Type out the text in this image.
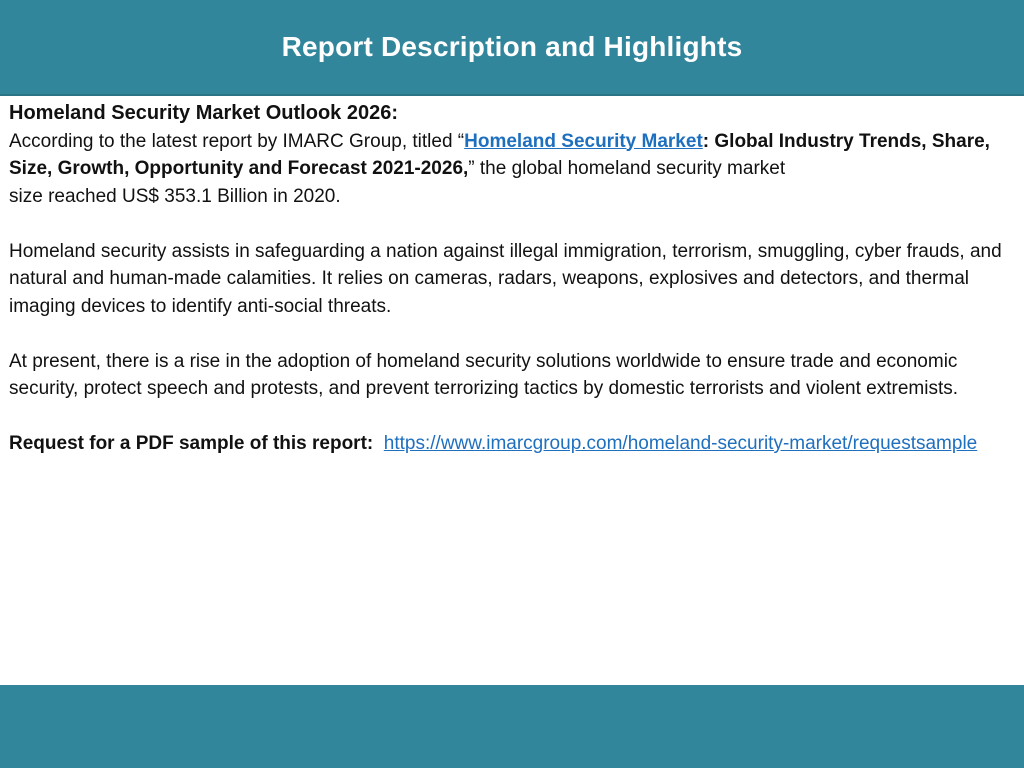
Report Description and Highlights

Homeland Security Market Outlook 2026:

According to the latest report by IMARC Group, titled “Homeland Security Market: Global Industry Trends, Share, Size, Growth, Opportunity and Forecast 2021-2026,” the global homeland security market
size reached US$ 353.1 Billion in 2020.

Homeland security assists in safeguarding a nation against illegal immigration, terrorism, smuggling, cyber frauds, and natural and human-made calamities. It relies on cameras, radars, weapons, explosives and detectors, and thermal imaging devices to identify anti-social threats.

At present, there is a rise in the adoption of homeland security solutions worldwide to ensure trade and economic security, protect speech and protests, and prevent terrorizing tactics by domestic terrorists and violent extremists.

Request for a PDF sample of this report: https://www.imarcgroup.com/homeland-security-market/requestsample
